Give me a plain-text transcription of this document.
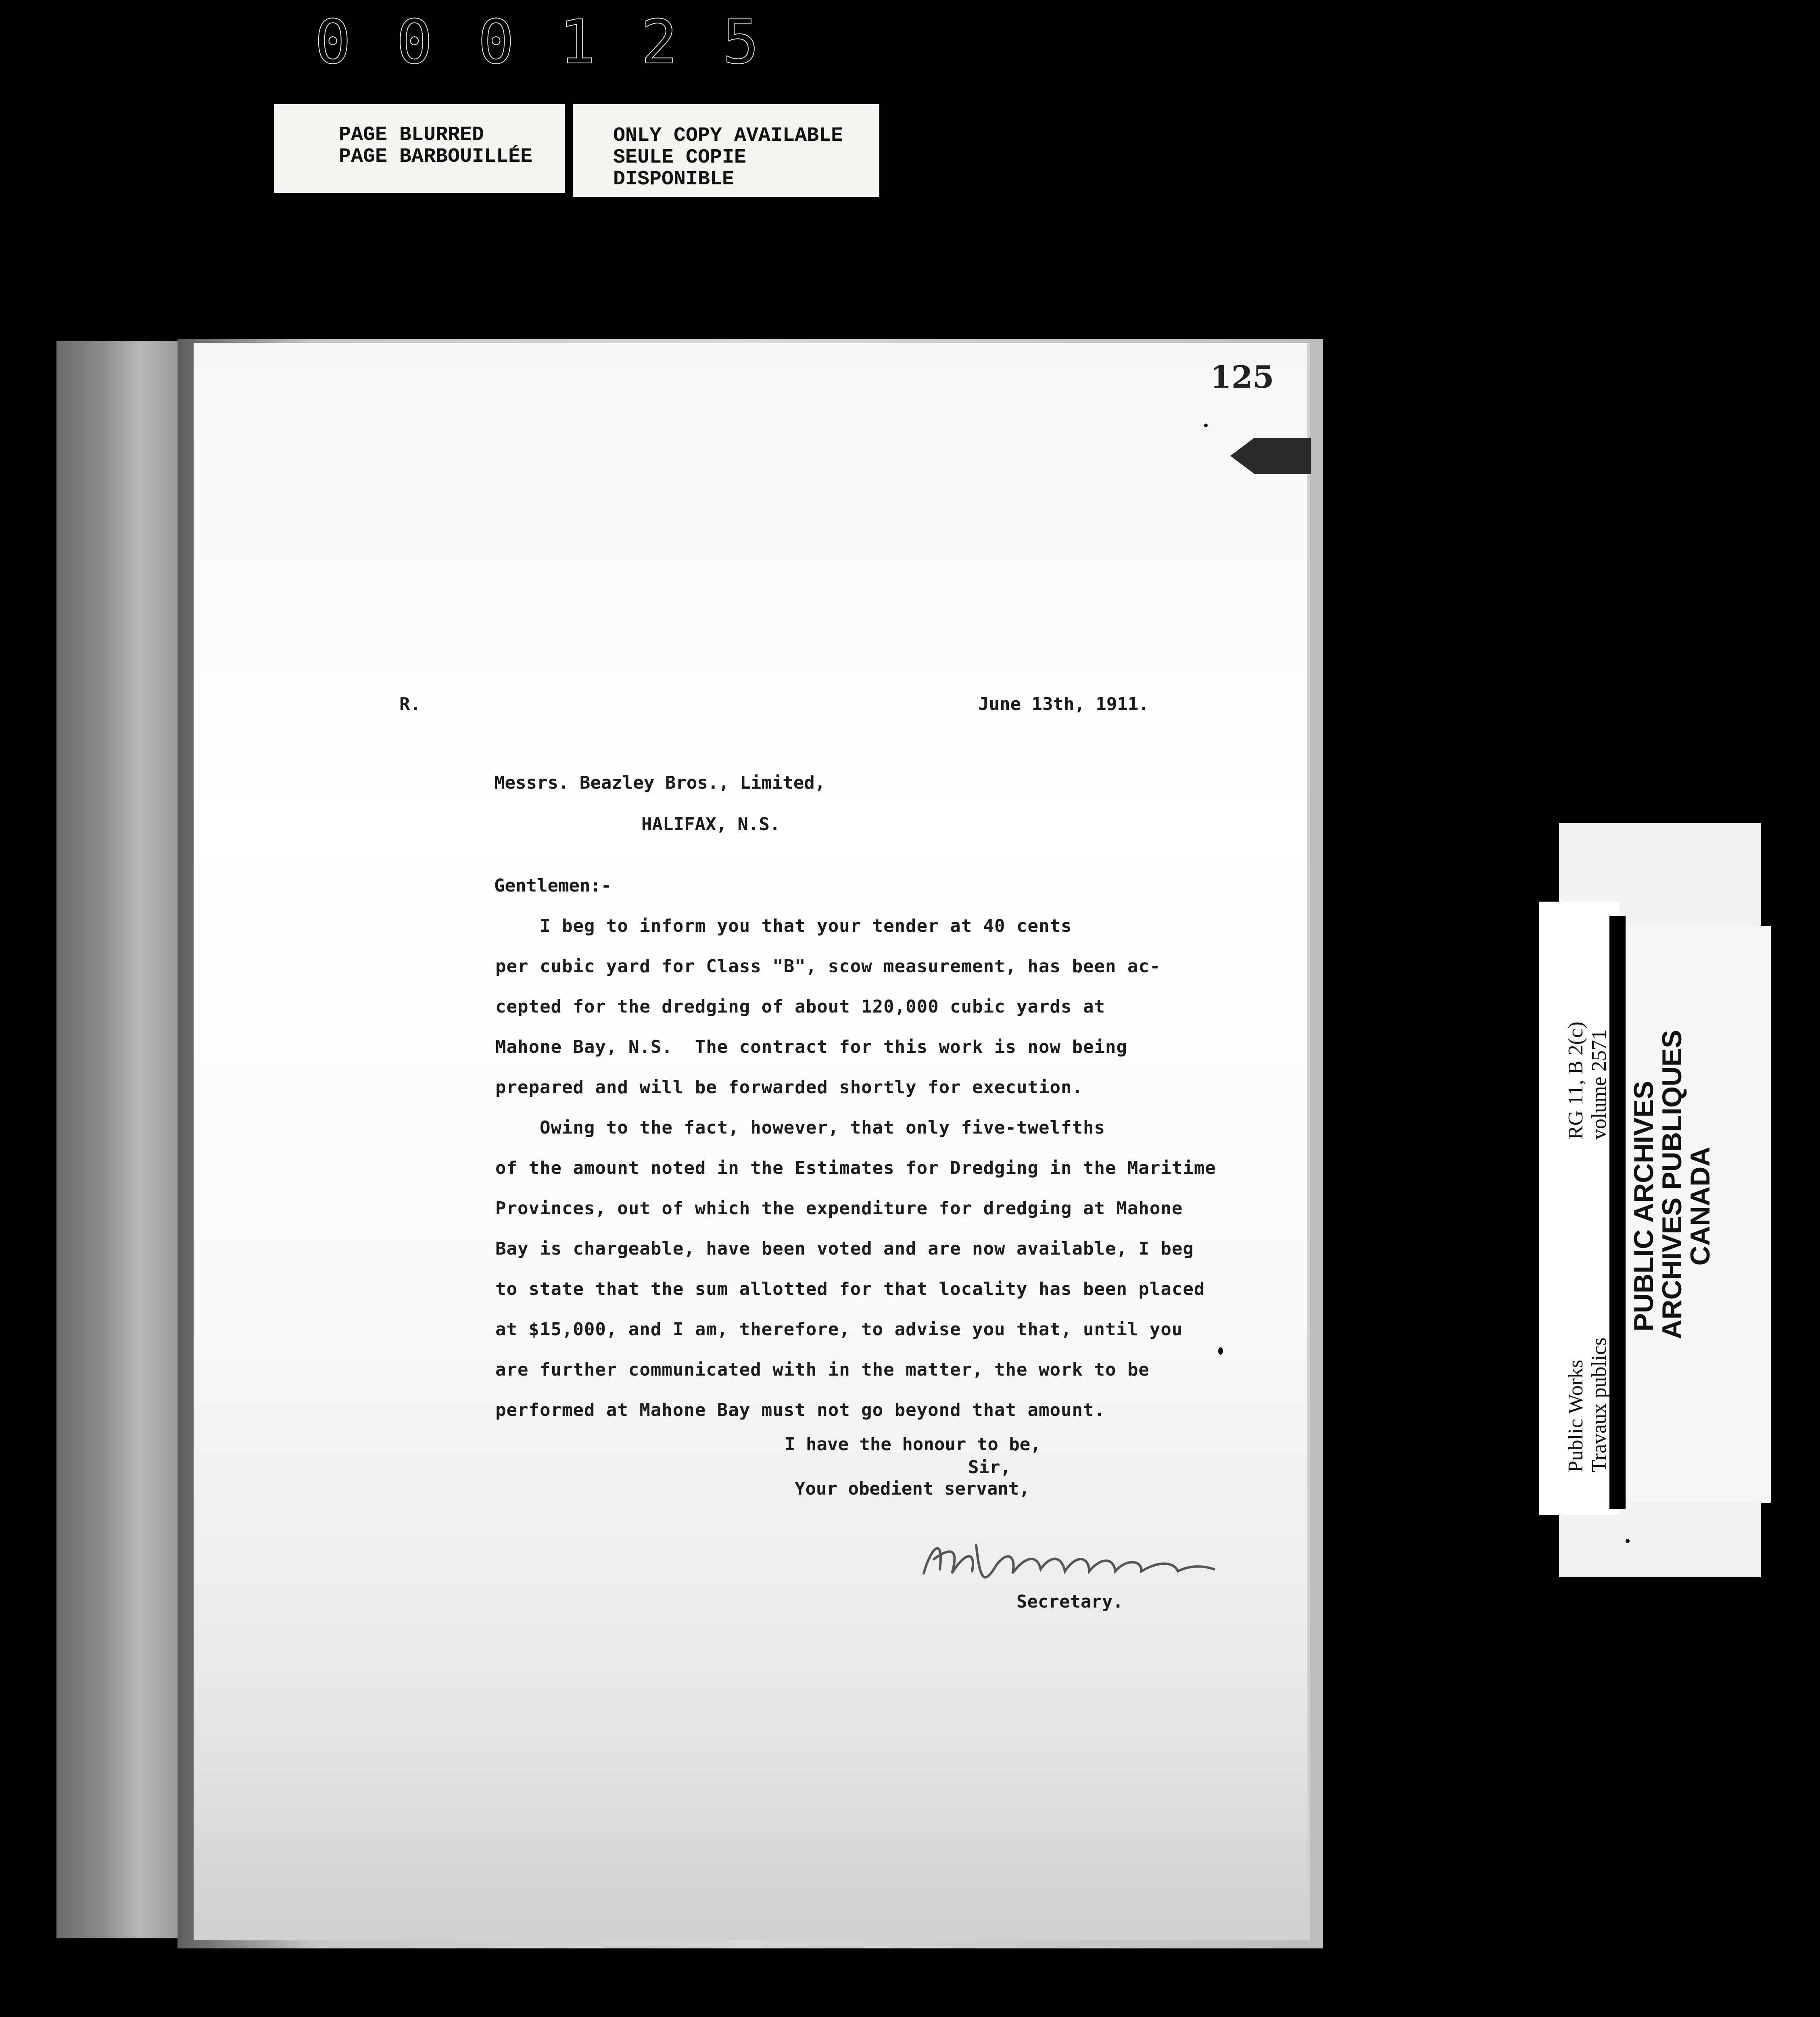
000125
PAGE BLURRED
PAGE BARBOUILLÉE
ONLY COPY AVAILABLE
SEULE COPIE DISPONIBLE
125
R.	June 13th, 1911.
Messrs. Beazley Bros., Limited,
HALIFAX, N.S.
Gentlemen:-
I beg to inform you that your tender at 40 cents
per cubic yard for Class "B", scow measurement, has been ac-
cepted for the dredging of about 120,000 cubic yards at
Mahone Bay, N.S.  The contract for this work is now being
prepared and will be forwarded shortly for execution.
Owing to the fact, however, that only five-twelfths
of the amount noted in the Estimates for Dredging in the Maritime
Provinces, out of which the expenditure for dredging at Mahone
Bay is chargeable, have been voted and are now available, I beg
to state that the sum allotted for that locality has been placed
at $15,000, and I am, therefore, to advise you that, until you
are further communicated with in the matter, the work to be
performed at Mahone Bay must not go beyond that amount.
I have the honour to be,
Sir,
Your obedient servant,
Secretary.
Public Works Travaux publics
RG 11, B 2(c) volume 2571 PUBLIC ARCHIVES
ARCHIVES PUBLIQUES
CANADA
